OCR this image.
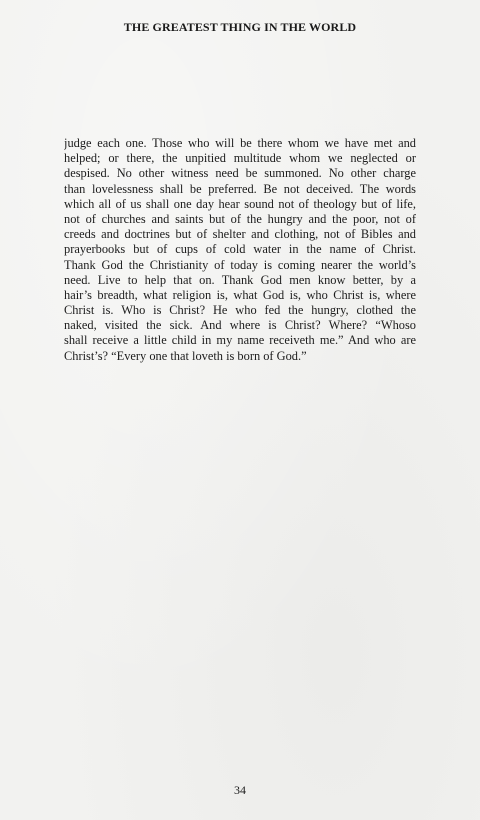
THE GREATEST THING IN THE WORLD
judge each one. Those who will be there whom we have met and
helped; or there, the unpitied multitude whom we neglected or
despised. No other witness need be summoned. No other charge
than lovelessness shall be preferred. Be not deceived. The words
which all of us shall one day hear sound not of theology but of life,
not of churches and saints but of the hungry and the poor, not of
creeds and doctrines but of shelter and clothing, not of Bibles and
prayerbooks but of cups of cold water in the name of Christ.
Thank God the Christianity of today is coming nearer the world’s
need. Live to help that on. Thank God men know better, by a
hair’s breadth, what religion is, what God is, who Christ is, where
Christ is. Who is Christ? He who fed the hungry, clothed the
naked, visited the sick. And where is Christ? Where? “Whoso
shall receive a little child in my name receiveth me.” And who are
Christ’s? “Every one that loveth is born of God.”
34
